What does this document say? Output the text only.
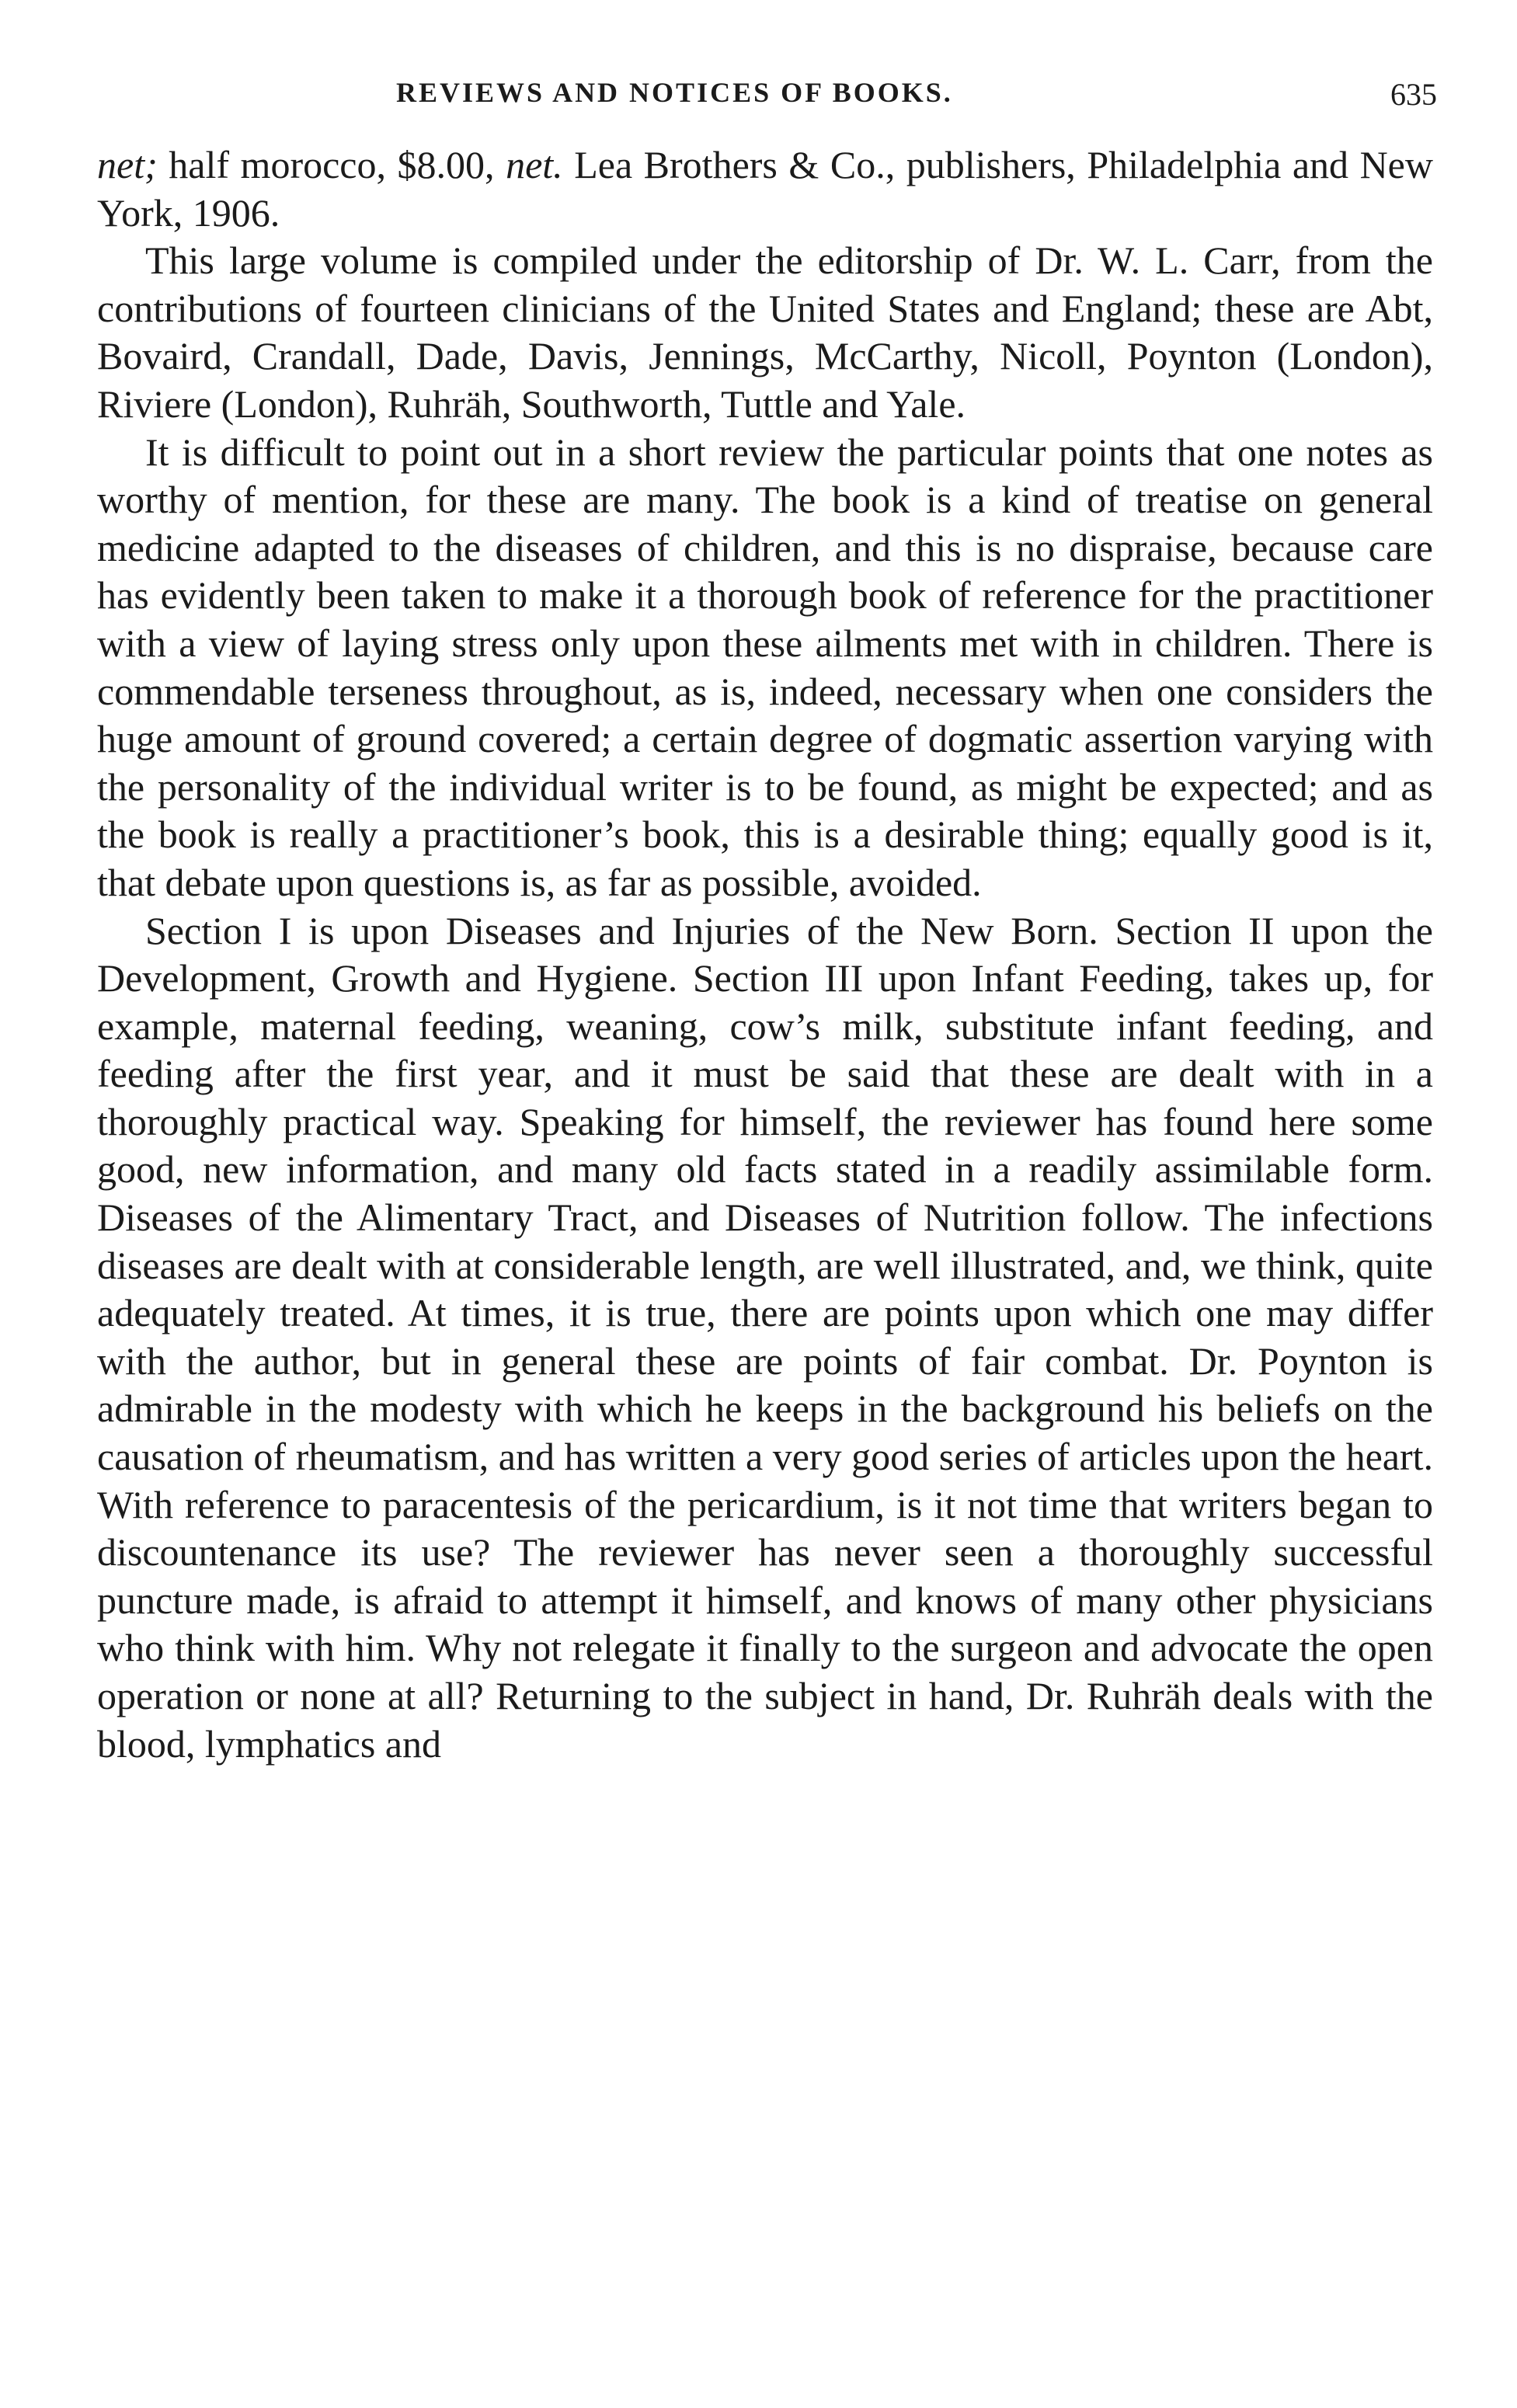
REVIEWS AND NOTICES OF BOOKS.	635

net; half morocco, $8.00, net. Lea Brothers & Co., publishers, Philadelphia and New York, 1906.

This large volume is compiled under the editorship of Dr. W. L. Carr, from the contributions of fourteen clinicians of the United States and England; these are Abt, Bovaird, Crandall, Dade, Davis, Jennings, McCarthy, Nicoll, Poynton (London), Riviere (London), Ruhräh, Southworth, Tuttle and Yale.

It is difficult to point out in a short review the particular points that one notes as worthy of mention, for these are many. The book is a kind of treatise on general medicine adapted to the diseases of children, and this is no dispraise, because care has evidently been taken to make it a thorough book of reference for the practitioner with a view of laying stress only upon these ailments met with in children. There is commendable terseness throughout, as is, indeed, necessary when one considers the huge amount of ground covered; a certain degree of dogmatic assertion varying with the personality of the individual writer is to be found, as might be expected; and as the book is really a practitioner’s book, this is a desirable thing; equally good is it, that debate upon questions is, as far as possible, avoided.

Section I is upon Diseases and Injuries of the New Born. Section II upon the Development, Growth and Hygiene. Section III upon Infant Feeding, takes up, for example, maternal feeding, weaning, cow’s milk, substitute infant feeding, and feeding after the first year, and it must be said that these are dealt with in a thoroughly practical way. Speaking for himself, the reviewer has found here some good, new information, and many old facts stated in a readily assimilable form. Diseases of the Alimentary Tract, and Diseases of Nutrition follow. The infections diseases are dealt with at considerable length, are well illustrated, and, we think, quite adequately treated. At times, it is true, there are points upon which one may differ with the author, but in general these are points of fair combat. Dr. Poynton is admirable in the modesty with which he keeps in the background his beliefs on the causation of rheumatism, and has written a very good series of articles upon the heart. With reference to paracentesis of the pericardium, is it not time that writers began to discountenance its use? The reviewer has never seen a thoroughly successful puncture made, is afraid to attempt it himself, and knows of many other physicians who think with him. Why not relegate it finally to the surgeon and advocate the open operation or none at all? Returning to the subject in hand, Dr. Ruhräh deals with the blood, lymphatics and
